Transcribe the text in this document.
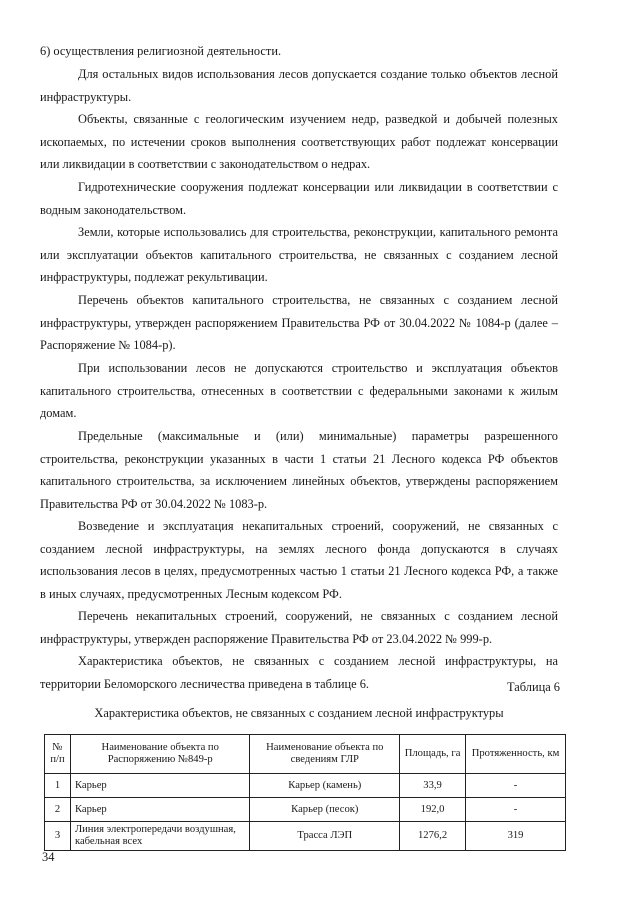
6) осуществления религиозной деятельности.

Для остальных видов использования лесов допускается создание только объектов лесной инфраструктуры.

Объекты, связанные с геологическим изучением недр, разведкой и добычей полезных ископаемых, по истечении сроков выполнения соответствующих работ подлежат консервации или ликвидации в соответствии с законодательством о недрах.

Гидротехнические сооружения подлежат консервации или ликвидации в соответствии с водным законодательством.

Земли, которые использовались для строительства, реконструкции, капитального ремонта или эксплуатации объектов капитального строительства, не связанных с созданием лесной инфраструктуры, подлежат рекультивации.

Перечень объектов капитального строительства, не связанных с созданием лесной инфраструктуры, утвержден распоряжением Правительства РФ от 30.04.2022 № 1084-р (далее – Распоряжение № 1084-р).

При использовании лесов не допускаются строительство и эксплуатация объектов капитального строительства, отнесенных в соответствии с федеральными законами к жилым домам.

Предельные (максимальные и (или) минимальные) параметры разрешенного строительства, реконструкции указанных в части 1 статьи 21 Лесного кодекса РФ объектов капитального строительства, за исключением линейных объектов, утверждены распоряжением Правительства РФ от 30.04.2022 № 1083-р.

Возведение и эксплуатация некапитальных строений, сооружений, не связанных с созданием лесной инфраструктуры, на землях лесного фонда допускаются в случаях использования лесов в целях, предусмотренных частью 1 статьи 21 Лесного кодекса РФ, а также в иных случаях, предусмотренных Лесным кодексом РФ.

Перечень некапитальных строений, сооружений, не связанных с созданием лесной инфраструктуры, утвержден распоряжение Правительства РФ от 23.04.2022 № 999-р.

Характеристика объектов, не связанных с созданием лесной инфраструктуры, на территории Беломорского лесничества приведена в таблице 6.	Таблица 6
Характеристика объектов, не связанных с созданием лесной инфраструктуры
№ п/п	Наименование объекта по Распоряжению №849-р	Наименование объекта по сведениям ГЛР	Площадь, га	Протяженность, км
1	Карьер	Карьер (камень)	33,9	-
2	Карьер	Карьер (песок)	192,0	-
3	Линия электропередачи воздушная, кабельная всех	Трасса ЛЭП	1276,2	319
34
